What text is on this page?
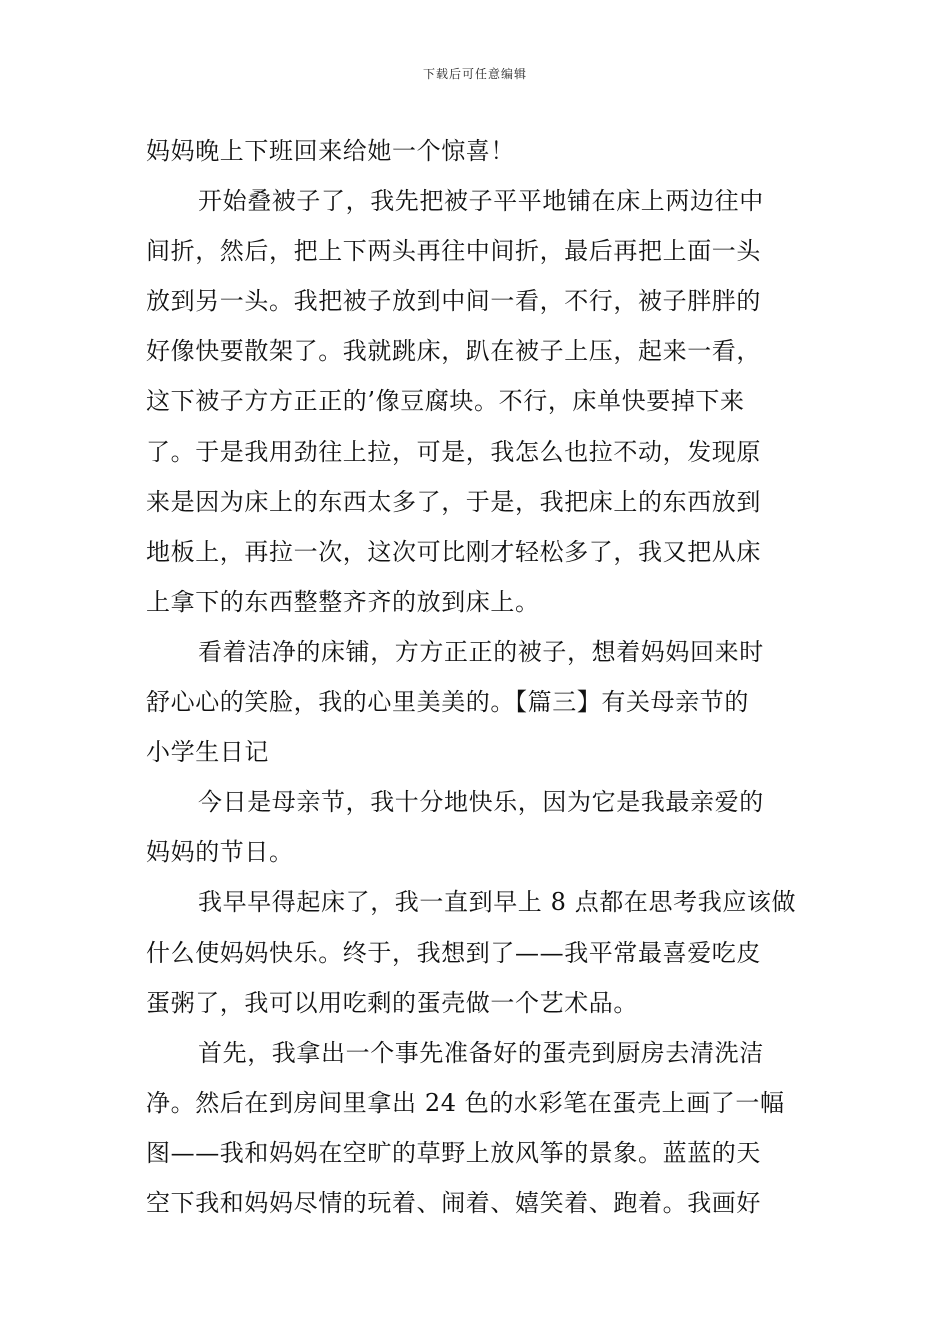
下载后可任意编辑
妈妈晚上下班回来给她一个惊喜！
开始叠被子了，我先把被子平平地铺在床上两边往中
间折，然后，把上下两头再往中间折，最后再把上面一头
放到另一头。我把被子放到中间一看，不行，被子胖胖的
好像快要散架了。我就跳床，趴在被子上压，起来一看，
这下被子方方正正的’像豆腐块。不行，床单快要掉下来
了。于是我用劲往上拉，可是，我怎么也拉不动，发现原
来是因为床上的东西太多了，于是，我把床上的东西放到
地板上，再拉一次，这次可比刚才轻松多了，我又把从床
上拿下的东西整整齐齐的放到床上。
看着洁净的床铺，方方正正的被子，想着妈妈回来时
舒心心的笑脸，我的心里美美的。【篇三】有关母亲节的
小学生日记
今日是母亲节，我十分地快乐，因为它是我最亲爱的
妈妈的节日。
我早早得起床了，我一直到早上 8 点都在思考我应该做
什么使妈妈快乐。终于，我想到了——我平常最喜爱吃皮
蛋粥了，我可以用吃剩的蛋壳做一个艺术品。
首先，我拿出一个事先准备好的蛋壳到厨房去清洗洁
净。然后在到房间里拿出 24 色的水彩笔在蛋壳上画了一幅
图——我和妈妈在空旷的草野上放风筝的景象。蓝蓝的天
空下我和妈妈尽情的玩着、闹着、嬉笑着、跑着。我画好
